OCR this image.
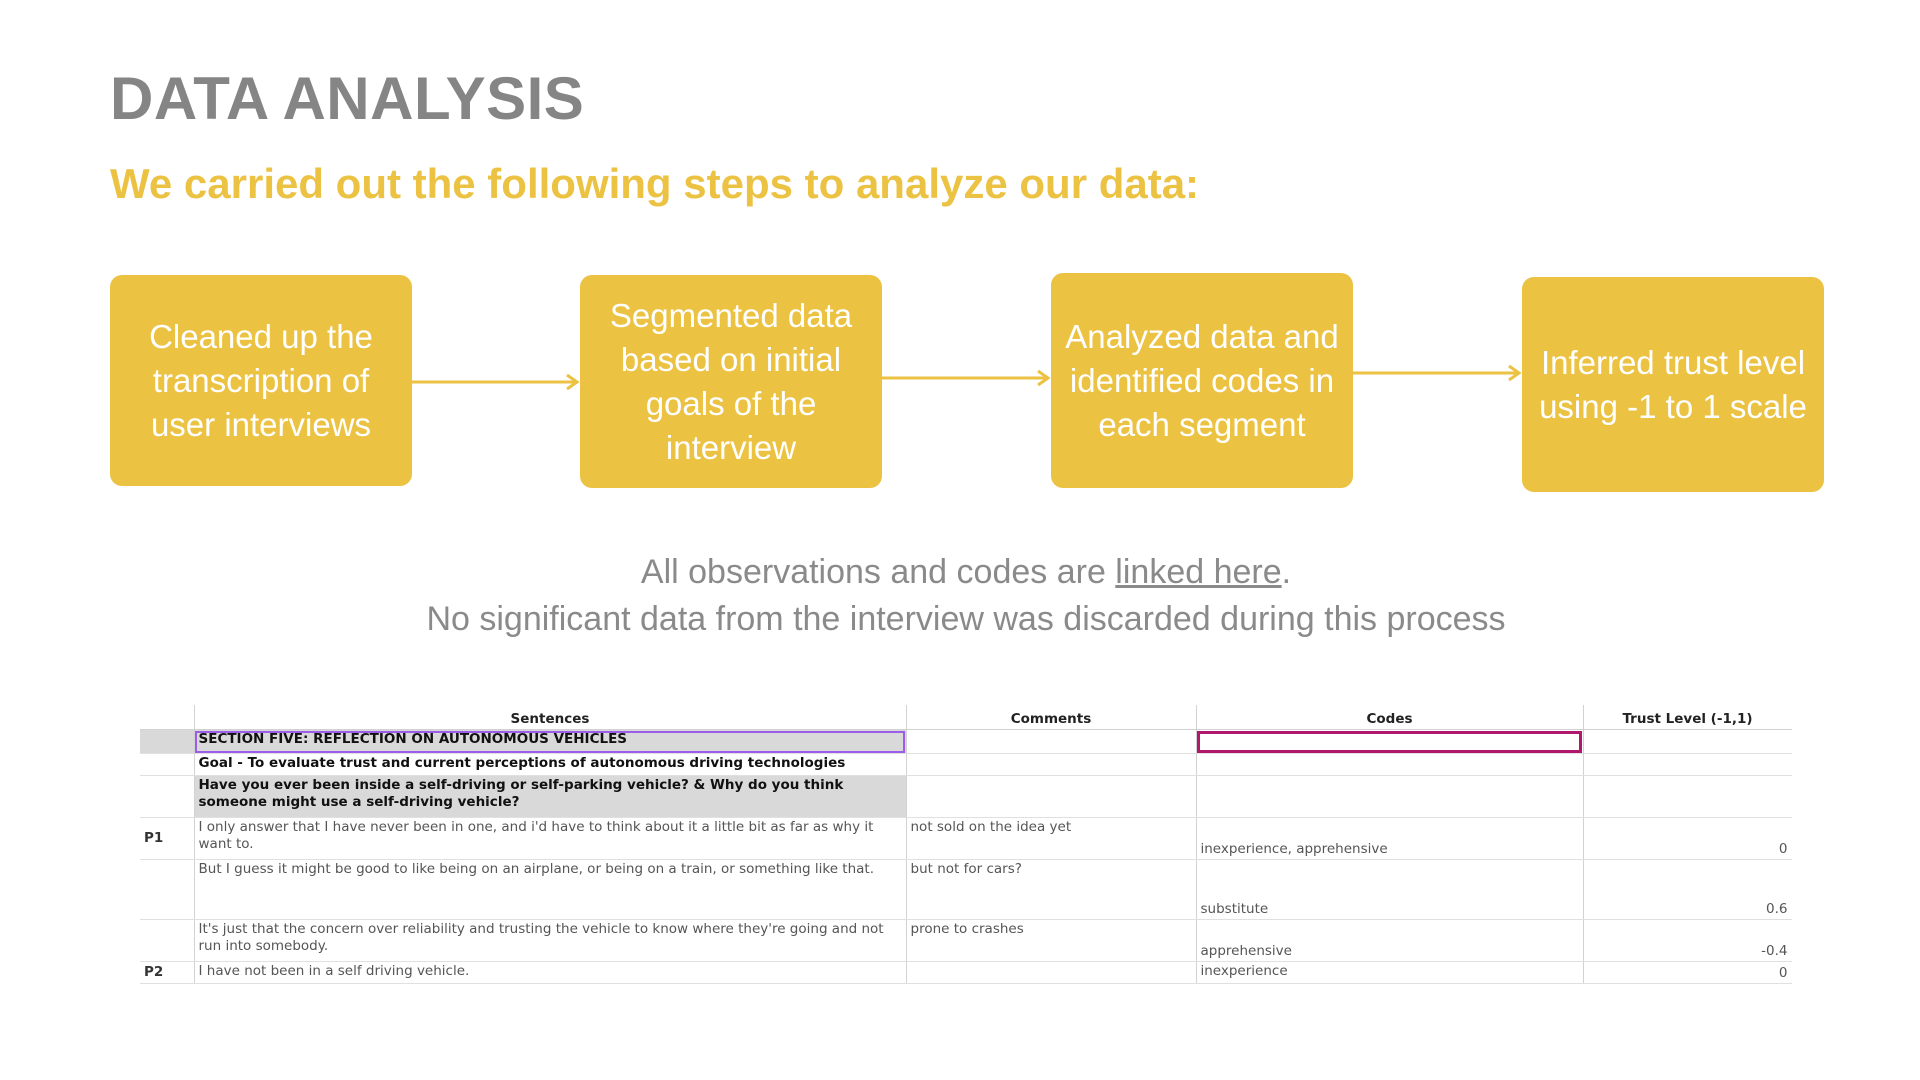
DATA ANALYSIS
We carried out the following steps to analyze our data:
Cleaned up the transcription of user interviews
Segmented data based on initial goals of the interview
Analyzed data and identified codes in each segment
Inferred trust level using -1 to 1 scale

All observations and codes are linked here.

No significant data from the interview was discarded during this process

	Sentences	Comments	Codes	Trust Level (-1,1)
	SECTION FIVE: REFLECTION ON AUTONOMOUS VEHICLES			
	Goal - To evaluate trust and current perceptions of autonomous driving technologies			
	Have you ever been inside a self-driving or self-parking vehicle? & Why do you think someone might use a self-driving vehicle?			
P1	I only answer that I have never been in one, and i'd have to think about it a little bit as far as why it want to.	not sold on the idea yet	inexperience, apprehensive	0
	But I guess it might be good to like being on an airplane, or being on a train, or something like that.	but not for cars?	substitute	0.6
	It's just that the concern over reliability and trusting the vehicle to know where they're going and not run into somebody.	prone to crashes	apprehensive	-0.4
P2	I have not been in a self driving vehicle.		inexperience	0
